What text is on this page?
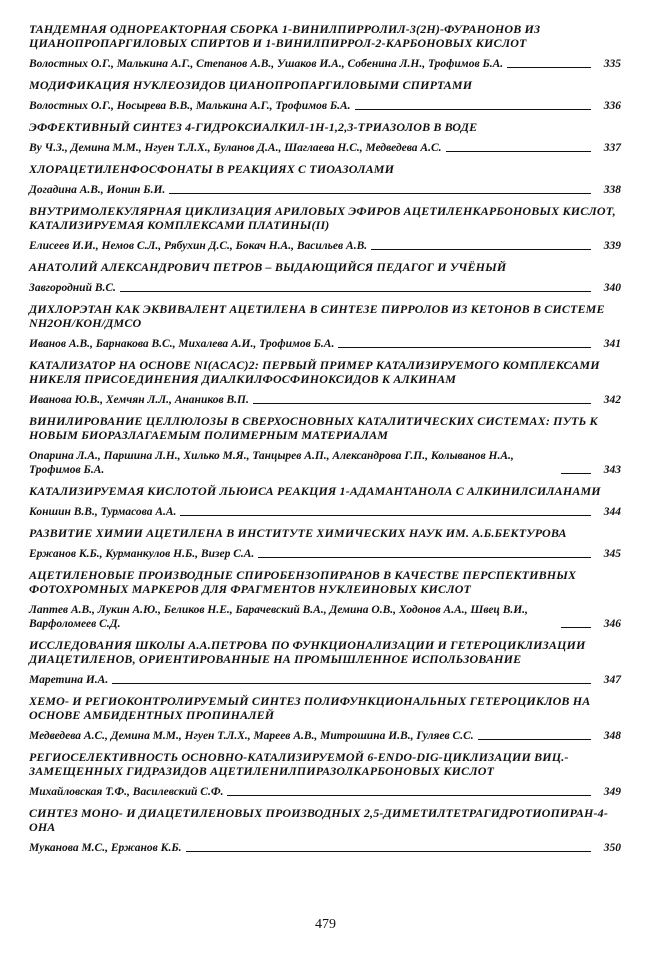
ТАНДЕМНАЯ ОДНОРЕАКТОРНАЯ СБОРКА 1-ВИНИЛПИРРОЛИЛ-3(2H)-ФУРАНОНОВ ИЗ ЦИАНОПРОПАРГИЛОВЫХ СПИРТОВ И 1-ВИНИЛПИРРОЛ-2-КАРБОНОВЫХ КИСЛОТ
Волостных О.Г., Малькина А.Г., Степанов А.В., Ушаков И.А., Собенина Л.Н., Трофимов Б.А.	335
МОДИФИКАЦИЯ НУКЛЕОЗИДОВ ЦИАНОПРОПАРГИЛОВЫМИ СПИРТАМИ
Волостных О.Г., Носырева В.В., Малькина А.Г., Трофимов Б.А.	336
ЭФФЕКТИВНЫЙ СИНТЕЗ 4-ГИДРОКСИАЛКИЛ-1Н-1,2,3-ТРИАЗОЛОВ В ВОДЕ
Ву Ч.З., Демина М.М., Нгуен Т.Л.Х., Буланов Д.А., Шаглаева Н.С., Медведева А.С.	337
ХЛОРАЦЕТИЛЕНФОСФОНАТЫ В РЕАКЦИЯХ С ТИОАЗОЛАМИ
Догадина А.В., Ионин Б.И.	338
ВНУТРИМОЛЕКУЛЯРНАЯ ЦИКЛИЗАЦИЯ АРИЛОВЫХ ЭФИРОВ АЦЕТИЛЕНКАРБОНОВЫХ КИСЛОТ, КАТАЛИЗИРУЕМАЯ КОМПЛЕКСАМИ ПЛАТИНЫ(II)
Елисеев И.И., Немов С.Л., Рябухин Д.С., Бокач Н.А., Васильев А.В.	339
АНАТОЛИЙ АЛЕКСАНДРОВИЧ ПЕТРОВ – ВЫДАЮЩИЙСЯ ПЕДАГОГ И УЧЁНЫЙ
Завгородний В.С.	340
ДИХЛОРЭТАН КАК ЭКВИВАЛЕНТ АЦЕТИЛЕНА В СИНТЕЗЕ ПИРРОЛОВ ИЗ КЕТОНОВ В СИСТЕМЕ NH2OH/KOH/ДМСО
Иванов А.В., Барнакова В.С., Михалева А.И., Трофимов Б.А.	341
КАТАЛИЗАТОР НА ОСНОВЕ NI(ACAC)2: ПЕРВЫЙ ПРИМЕР КАТАЛИЗИРУЕМОГО КОМПЛЕКСАМИ НИКЕЛЯ ПРИСОЕДИНЕНИЯ ДИАЛКИЛФОСФИНОКСИДОВ К АЛКИНАМ
Иванова Ю.В., Хемчян Л.Л., Анаников В.П.	342
ВИНИЛИРОВАНИЕ ЦЕЛЛЮЛОЗЫ В СВЕРХОСНОВНЫХ КАТАЛИТИЧЕСКИХ СИСТЕМАХ: ПУТЬ К НОВЫМ БИОРАЗЛАГАЕМЫМ ПОЛИМЕРНЫМ МАТЕРИАЛАМ
Опарина Л.А., Паршина Л.Н., Хилько М.Я., Танцырев А.П., Александрова Г.П., Колыванов Н.А., Трофимов Б.А.	343
КАТАЛИЗИРУЕМАЯ КИСЛОТОЙ ЛЬЮИСА РЕАКЦИЯ 1-АДАМАНТАНОЛА С АЛКИНИЛСИЛАНАМИ
Коншин В.В., Турмасова А.А.	344
РАЗВИТИЕ ХИМИИ АЦЕТИЛЕНА В ИНСТИТУТЕ ХИМИЧЕСКИХ НАУК ИМ. А.Б.БЕКТУРОВА
Ержанов К.Б., Курманкулов Н.Б., Визер С.А.	345
АЦЕТИЛЕНОВЫЕ ПРОИЗВОДНЫЕ СПИРОБЕНЗОПИРАНОВ В КАЧЕСТВЕ ПЕРСПЕКТИВНЫХ ФОТОХРОМНЫХ МАРКЕРОВ ДЛЯ ФРАГМЕНТОВ НУКЛЕИНОВЫХ КИСЛОТ
Лаптев А.В., Лукин А.Ю., Беликов Н.Е., Барачевский В.А., Демина О.В., Ходонов А.А., Швец В.И., Варфоломеев С.Д.	346
ИССЛЕДОВАНИЯ ШКОЛЫ А.А.ПЕТРОВА ПО ФУНКЦИОНАЛИЗАЦИИ И ГЕТЕРОЦИКЛИЗАЦИИ ДИАЦЕТИЛЕНОВ, ОРИЕНТИРОВАННЫЕ НА ПРОМЫШЛЕННОЕ ИСПОЛЬЗОВАНИЕ
Маретина И.А.	347
ХЕМО- И РЕГИОКОНТРОЛИРУЕМЫЙ СИНТЕЗ ПОЛИФУНКЦИОНАЛЬНЫХ ГЕТЕРОЦИКЛОВ НА ОСНОВЕ АМБИДЕНТНЫХ ПРОПИНАЛЕЙ
Медведева А.С., Демина М.М., Нгуен Т.Л.Х., Мареев А.В., Митрошина И.В., Гуляев С.С.	348
РЕГИОСЕЛЕКТИВНОСТЬ ОСНОВНО-КАТАЛИЗИРУЕМОЙ 6-ENDO-DIG-ЦИКЛИЗАЦИИ ВИЦ.-ЗАМЕЩЕННЫХ ГИДРАЗИДОВ АЦЕТИЛЕНИЛПИРАЗОЛКАРБОНОВЫХ КИСЛОТ
Михайловская Т.Ф., Василевский С.Ф.	349
СИНТЕЗ МОНО- И ДИАЦЕТИЛЕНОВЫХ ПРОИЗВОДНЫХ 2,5-ДИМЕТИЛТЕТРАГИДРОТИОПИРАН-4-ОНА
Муканова М.С., Ержанов К.Б.	350
479
